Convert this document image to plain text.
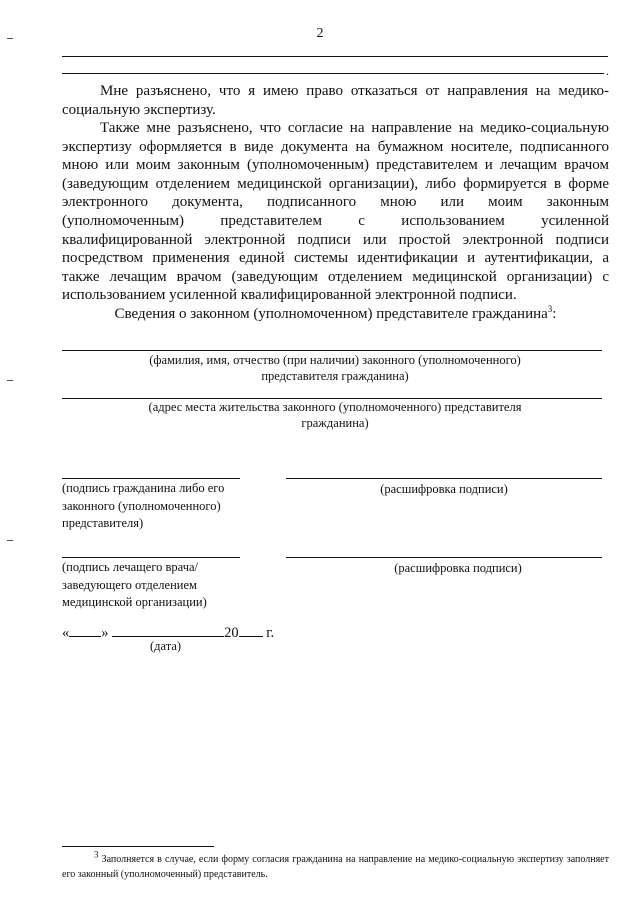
2
.
Мне разъяснено, что я имею право отказаться от направления на медико-социальную экспертизу.
Также мне разъяснено, что согласие на направление на медико-социальную экспертизу оформляется в виде документа на бумажном носителе, подписанного мною или моим законным (уполномоченным) представителем и лечащим врачом (заведующим отделением медицинской организации), либо формируется в форме электронного документа, подписанного мною или моим законным (уполномоченным) представителем с использованием усиленной квалифицированной электронной подписи или простой электронной подписи посредством применения единой системы идентификации и аутентификации, а также лечащим врачом (заведующим отделением медицинской организации) с использованием усиленной квалифицированной электронной подписи.
Сведения о законном (уполномоченном) представителе гражданина$^3$:
(фамилия, имя, отчество (при наличии) законного (уполномоченного) представителя гражданина)
(адрес места жительства законного (уполномоченного) представителя гражданина)
(подпись гражданина либо его законного (уполномоченного) представителя)
(расшифровка подписи)
(подпись лечащего врача/ заведующего отделением медицинской организации)
(расшифровка подписи)
« »	20 г.
(дата)
$^3$ Заполняется в случае, если форму согласия гражданина на направление на медико-социальную экспертизу заполняет его законный (уполномоченный) представитель.
